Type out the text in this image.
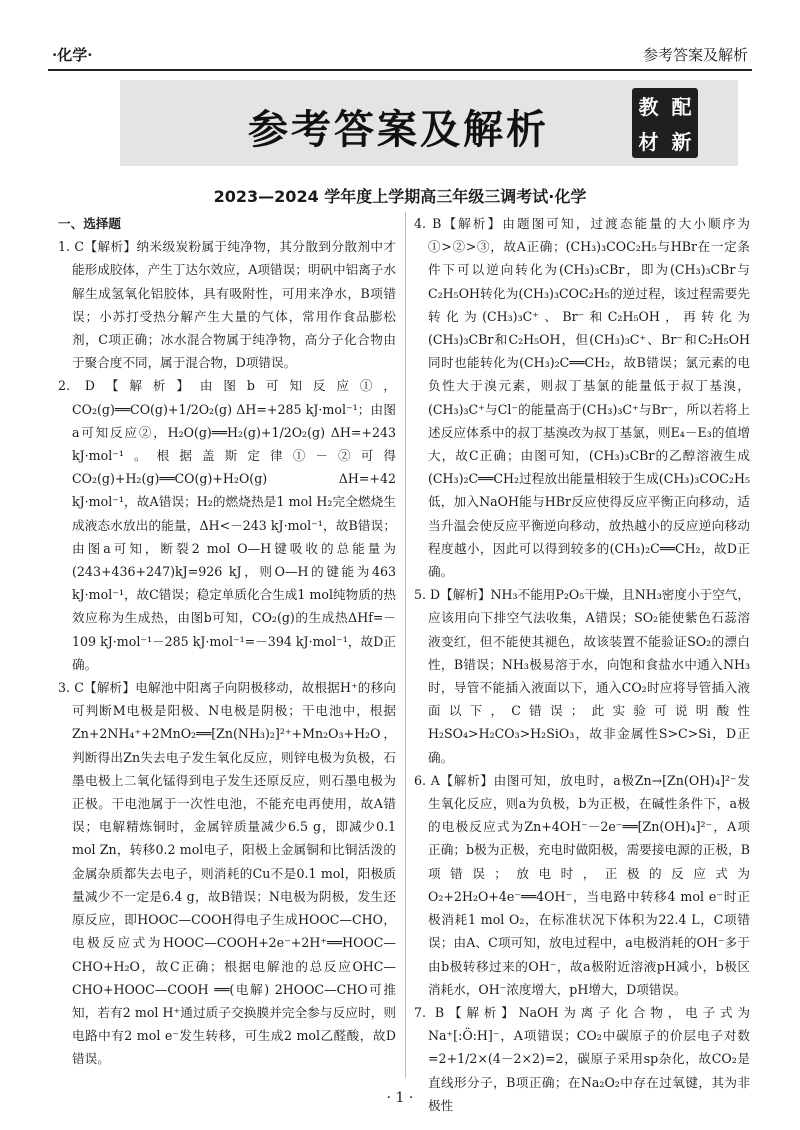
·化学·	参考答案及解析
参考答案及解析	教 配
材 新
2023—2024 学年度上学期高三年级三调考试·化学
一、选择题
1. C【解析】纳米级炭粉属于纯净物，其分散到分散剂中才能形成胶体，产生丁达尔效应，A项错误；明矾中铝离子水解生成氢氧化铝胶体，具有吸附性，可用来净水，B项错误；小苏打受热分解产生大量的气体，常用作食品膨松剂，C项正确；冰水混合物属于纯净物，高分子化合物由于聚合度不同，属于混合物，D项错误。
2. D【解析】由图b可知反应①，CO₂(g)══CO(g)+1/2O₂(g) ΔH=+285 kJ·mol⁻¹；由图a可知反应②，H₂O(g)══H₂(g)+1/2O₂(g) ΔH=+243 kJ·mol⁻¹。根据盖斯定律①－②可得CO₂(g)+H₂(g)══CO(g)+H₂O(g) ΔH=+42 kJ·mol⁻¹，故A错误；H₂的燃烧热是1 mol H₂完全燃烧生成液态水放出的能量，ΔH<－243 kJ·mol⁻¹，故B错误；由图a可知，断裂2 mol O—H键吸收的总能量为(243+436+247)kJ=926 kJ，则O—H的键能为463 kJ·mol⁻¹，故C错误；稳定单质化合生成1 mol纯物质的热效应称为生成热，由图b可知，CO₂(g)的生成热ΔHf=－109 kJ·mol⁻¹－285 kJ·mol⁻¹=－394 kJ·mol⁻¹，故D正确。
3. C【解析】电解池中阳离子向阴极移动，故根据H⁺的移向可判断M电极是阳极、N电极是阴极；干电池中，根据Zn+2NH₄⁺+2MnO₂══[Zn(NH₃)₂]²⁺+Mn₂O₃+H₂O，判断得出Zn失去电子发生氧化反应，则锌电极为负极，石墨电极上二氧化锰得到电子发生还原反应，则石墨电极为正极。干电池属于一次性电池，不能充电再使用，故A错误；电解精炼铜时，金属锌质量减少6.5 g，即减少0.1 mol Zn，转移0.2 mol电子，阳极上金属铜和比铜活泼的金属杂质都失去电子，则消耗的Cu不是0.1 mol，阳极质量减少不一定是6.4 g，故B错误；N电极为阴极，发生还原反应，即HOOC—COOH得电子生成HOOC—CHO，电极反应式为HOOC—COOH+2e⁻+2H⁺══HOOC—CHO+H₂O，故C正确；根据电解池的总反应OHC—CHO+HOOC—COOH ══(电解) 2HOOC—CHO可推知，若有2 mol H⁺通过质子交换膜并完全参与反应时，则电路中有2 mol e⁻发生转移，可生成2 mol乙醛酸，故D错误。
4. B【解析】由题图可知，过渡态能量的大小顺序为①>②>③，故A正确；(CH₃)₃COC₂H₅与HBr在一定条件下可以逆向转化为(CH₃)₃CBr，即为(CH₃)₃CBr与C₂H₅OH转化为(CH₃)₃COC₂H₅的逆过程，该过程需要先转化为(CH₃)₃C⁺、Br⁻和C₂H₅OH，再转化为(CH₃)₃CBr和C₂H₅OH，但(CH₃)₃C⁺、Br⁻和C₂H₅OH同时也能转化为(CH₃)₂C══CH₂，故B错误；氯元素的电负性大于溴元素，则叔丁基氯的能量低于叔丁基溴，(CH₃)₃C⁺与Cl⁻的能量高于(CH₃)₃C⁺与Br⁻，所以若将上述反应体系中的叔丁基溴改为叔丁基氯，则E₄－E₃的值增大，故C正确；由图可知，(CH₃)₃CBr的乙醇溶液生成(CH₃)₂C══CH₂过程放出能量相较于生成(CH₃)₃COC₂H₅低，加入NaOH能与HBr反应使得反应平衡正向移动，适当升温会使反应平衡逆向移动，放热越小的反应逆向移动程度越小，因此可以得到较多的(CH₃)₂C══CH₂，故D正确。
5. D【解析】NH₃不能用P₂O₅干燥，且NH₃密度小于空气，应该用向下排空气法收集，A错误；SO₂能使紫色石蕊溶液变红，但不能使其褪色，故该装置不能验证SO₂的漂白性，B错误；NH₃极易溶于水，向饱和食盐水中通入NH₃时，导管不能插入液面以下，通入CO₂时应将导管插入液面以下，C错误；此实验可说明酸性H₂SO₄>H₂CO₃>H₂SiO₃，故非金属性S>C>Si，D正确。
6. A【解析】由图可知，放电时，a极Zn→[Zn(OH)₄]²⁻发生氧化反应，则a为负极，b为正极，在碱性条件下，a极的电极反应式为Zn+4OH⁻－2e⁻══[Zn(OH)₄]²⁻，A项正确；b极为正极，充电时做阳极，需要接电源的正极，B项错误；放电时，正极的反应式为O₂+2H₂O+4e⁻══4OH⁻，当电路中转移4 mol e⁻时正极消耗1 mol O₂，在标准状况下体积为22.4 L，C项错误；由A、C项可知，放电过程中，a电极消耗的OH⁻多于由b极转移过来的OH⁻，故a极附近溶液pH减小，b极区消耗水，OH⁻浓度增大，pH增大，D项错误。
7. B【解析】NaOH为离子化合物，电子式为Na⁺[:Ö:H]⁻，A项错误；CO₂中碳原子的价层电子对数=2+1/2×(4－2×2)=2，碳原子采用sp杂化，故CO₂是直线形分子，B项正确；在Na₂O₂中存在过氧键，其为非极性
· 1 ·
